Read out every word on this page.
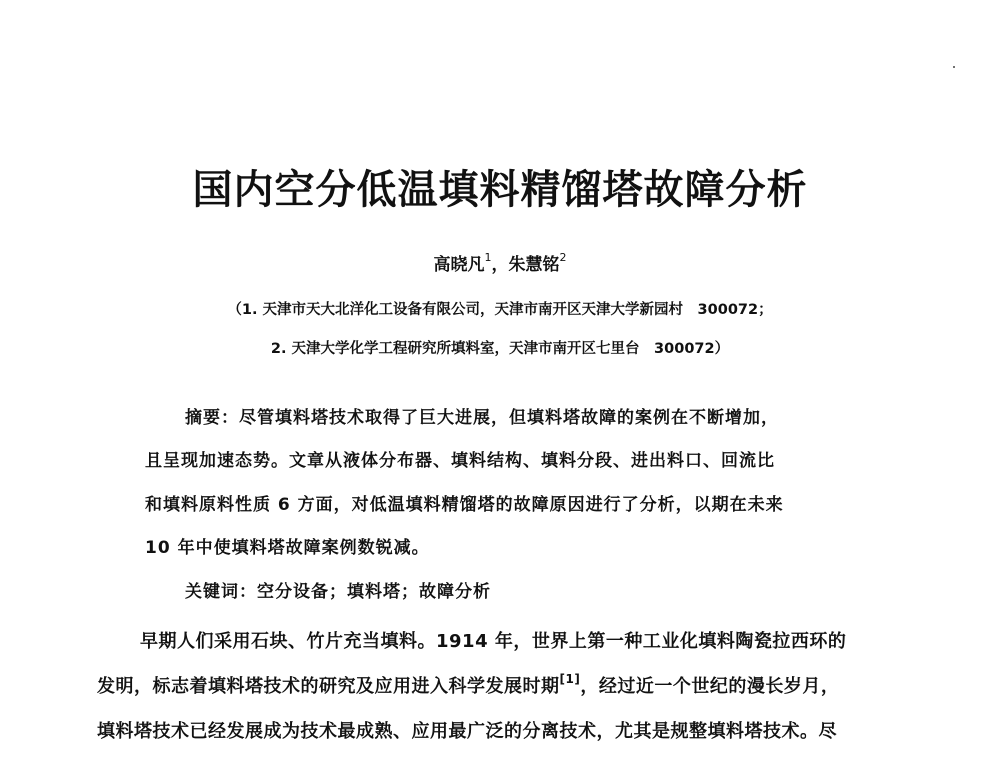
国内空分低温填料精馏塔故障分析
高晓凡$^1$，朱慧铭$^2$
（1. 天津市天大北洋化工设备有限公司，天津市南开区天津大学新园村　300072；
2. 天津大学化学工程研究所填料室，天津市南开区七里台　300072）
摘要：尽管填料塔技术取得了巨大进展，但填料塔故障的案例在不断增加，
且呈现加速态势。文章从液体分布器、填料结构、填料分段、进出料口、回流比
和填料原料性质 6 方面，对低温填料精馏塔的故障原因进行了分析，以期在未来
10 年中使填料塔故障案例数锐减。
关键词：空分设备；填料塔；故障分析
早期人们采用石块、竹片充当填料。1914 年，世界上第一种工业化填料陶瓷拉西环的
发明，标志着填料塔技术的研究及应用进入科学发展时期[1]，经过近一个世纪的漫长岁月，
填料塔技术已经发展成为技术最成熟、应用最广泛的分离技术，尤其是规整填料塔技术。尽
